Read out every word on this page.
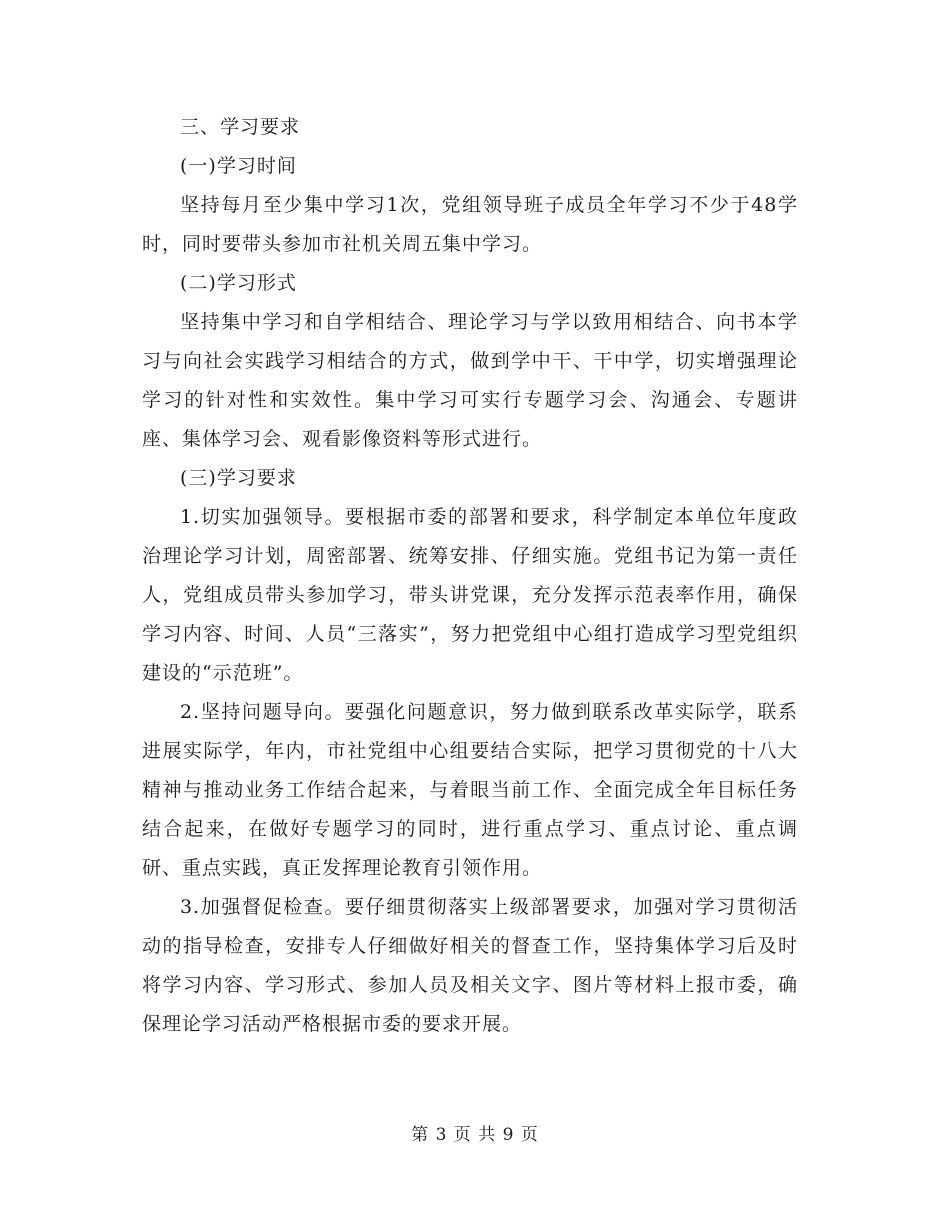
三、学习要求

(一)学习时间

坚持每月至少集中学习1次，党组领导班子成员全年学习不少于48学时，同时要带头参加市社机关周五集中学习。

(二)学习形式

坚持集中学习和自学相结合、理论学习与学以致用相结合、向书本学习与向社会实践学习相结合的方式，做到学中干、干中学，切实增强理论学习的针对性和实效性。集中学习可实行专题学习会、沟通会、专题讲座、集体学习会、观看影像资料等形式进行。

(三)学习要求

1.切实加强领导。要根据市委的部署和要求，科学制定本单位年度政治理论学习计划，周密部署、统筹安排、仔细实施。党组书记为第一责任人，党组成员带头参加学习，带头讲党课，充分发挥示范表率作用，确保学习内容、时间、人员“三落实”，努力把党组中心组打造成学习型党组织建设的“示范班”。

2.坚持问题导向。要强化问题意识，努力做到联系改革实际学，联系进展实际学，年内，市社党组中心组要结合实际，把学习贯彻党的十八大精神与推动业务工作结合起来，与着眼当前工作、全面完成全年目标任务结合起来，在做好专题学习的同时，进行重点学习、重点讨论、重点调研、重点实践，真正发挥理论教育引领作用。

3.加强督促检查。要仔细贯彻落实上级部署要求，加强对学习贯彻活动的指导检查，安排专人仔细做好相关的督查工作，坚持集体学习后及时将学习内容、学习形式、参加人员及相关文字、图片等材料上报市委，确保理论学习活动严格根据市委的要求开展。

第 3 页 共 9 页
